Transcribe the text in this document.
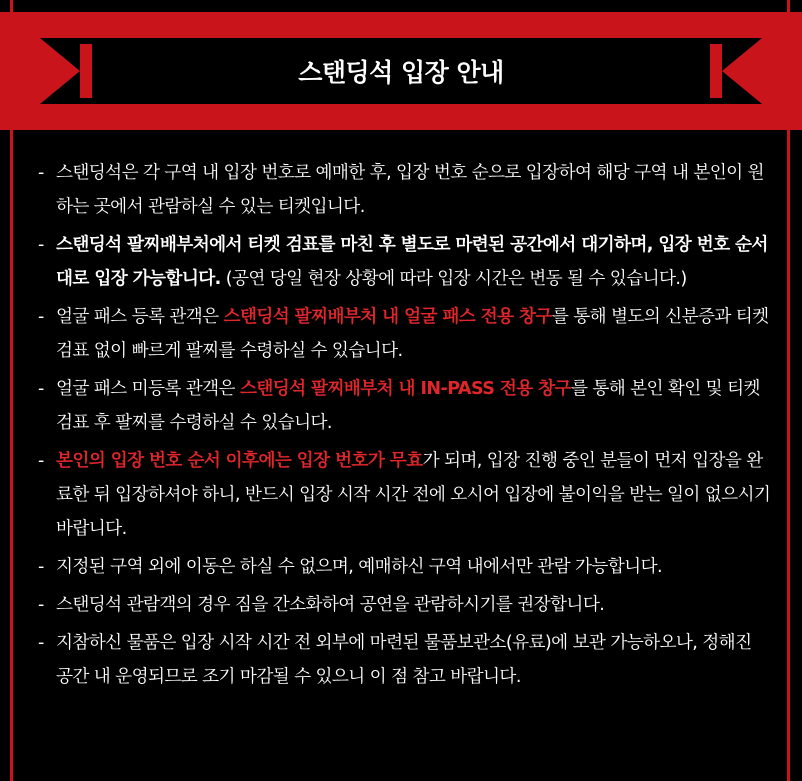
스탠딩석 입장 안내
- 스탠딩석은 각 구역 내 입장 번호로 예매한 후, 입장 번호 순으로 입장하여 해당 구역 내 본인이 원하는 곳에서 관람하실 수 있는 티켓입니다.
- 스탠딩석 팔찌배부처에서 티켓 검표를 마친 후 별도로 마련된 공간에서 대기하며, 입장 번호 순서대로 입장 가능합니다. (공연 당일 현장 상황에 따라 입장 시간은 변동 될 수 있습니다.)
- 얼굴 패스 등록 관객은 스탠딩석 팔찌배부처 내 얼굴 패스 전용 창구를 통해 별도의 신분증과 티켓 검표 없이 빠르게 팔찌를 수령하실 수 있습니다.
- 얼굴 패스 미등록 관객은 스탠딩석 팔찌배부처 내 IN-PASS 전용 창구를 통해 본인 확인 및 티켓 검표 후 팔찌를 수령하실 수 있습니다.
- 본인의 입장 번호 순서 이후에는 입장 번호가 무효가 되며, 입장 진행 중인 분들이 먼저 입장을 완료한 뒤 입장하셔야 하니, 반드시 입장 시작 시간 전에 오시어 입장에 불이익을 받는 일이 없으시기 바랍니다.
- 지정된 구역 외에 이동은 하실 수 없으며, 예매하신 구역 내에서만 관람 가능합니다.
- 스탠딩석 관람객의 경우 짐을 간소화하여 공연을 관람하시기를 권장합니다.
- 지참하신 물품은 입장 시작 시간 전 외부에 마련된 물품보관소(유료)에 보관 가능하오나, 정해진 공간 내 운영되므로 조기 마감될 수 있으니 이 점 참고 바랍니다.
